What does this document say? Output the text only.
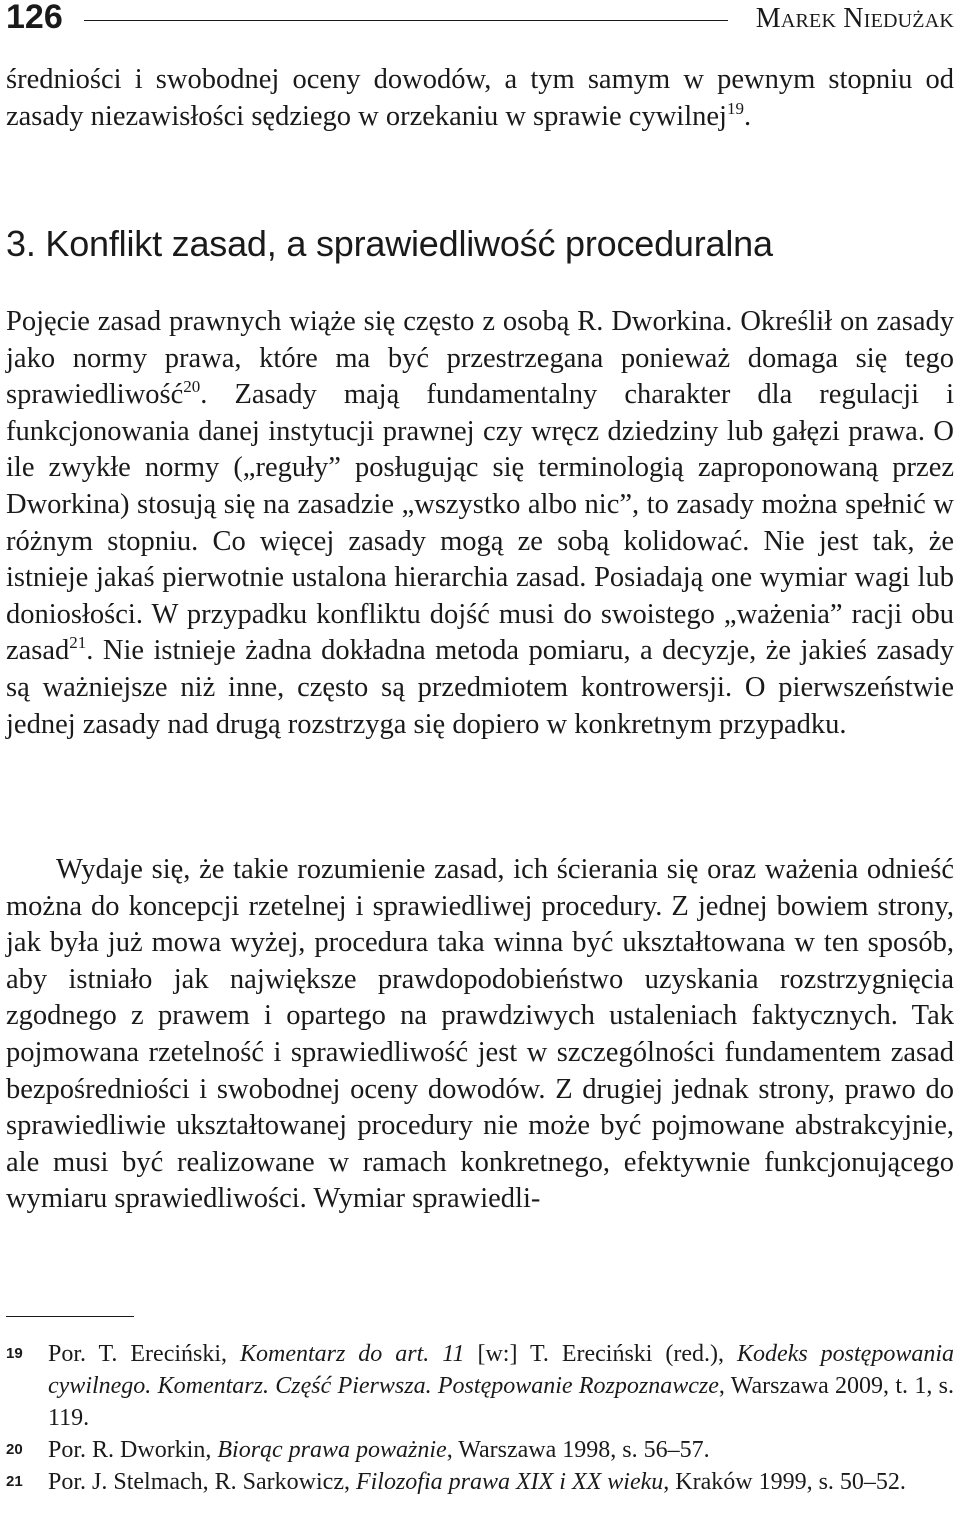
126	Marek Niedużak

średniości i swobodnej oceny dowodów, a tym samym w pewnym stopniu od zasady niezawisłości sędziego w orzekaniu w sprawie cywilnej$^{19}$.

3. Konflikt zasad, a sprawiedliwość proceduralna

Pojęcie zasad prawnych wiąże się często z osobą R. Dworkina. Określił on zasady jako normy prawa, które ma być przestrzegana ponieważ domaga się tego sprawiedliwość$^{20}$. Zasady mają fundamentalny charakter dla regulacji i funkcjonowania danej instytucji prawnej czy wręcz dziedziny lub gałęzi prawa. O ile zwykłe normy („reguły” posługując się terminologią zaproponowaną przez Dworkina) stosują się na zasadzie „wszystko albo nic”, to zasady można spełnić w różnym stopniu. Co więcej zasady mogą ze sobą kolidować. Nie jest tak, że istnieje jakaś pierwotnie ustalona hierarchia zasad. Posiadają one wymiar wagi lub doniosłości. W przypadku konfliktu dojść musi do swoistego „ważenia” racji obu zasad$^{21}$. Nie istnieje żadna dokładna metoda pomiaru, a decyzje, że jakieś zasady są ważniejsze niż inne, często są przedmiotem kontrowersji. O pierwszeństwie jednej zasady nad drugą rozstrzyga się dopiero w konkretnym przypadku.

Wydaje się, że takie rozumienie zasad, ich ścierania się oraz ważenia odnieść można do koncepcji rzetelnej i sprawiedliwej procedury. Z jednej bowiem strony, jak była już mowa wyżej, procedura taka winna być ukształtowana w ten sposób, aby istniało jak największe prawdopodobieństwo uzyskania rozstrzygnięcia zgodnego z prawem i opartego na prawdziwych ustaleniach faktycznych. Tak pojmowana rzetelność i sprawiedliwość jest w szczególności fundamentem zasad bezpośredniości i swobodnej oceny dowodów. Z drugiej jednak strony, prawo do sprawiedliwie ukształtowanej procedury nie może być pojmowane abstrakcyjnie, ale musi być realizowane w ramach konkretnego, efektywnie funkcjonującego wymiaru sprawiedliwości. Wymiar sprawiedli-

19 Por. T. Ereciński, Komentarz do art. 11 [w:] T. Ereciński (red.), Kodeks postępowania cywilnego. Komentarz. Część Pierwsza. Postępowanie Rozpoznawcze, Warszawa 2009, t. 1, s. 119.
20 Por. R. Dworkin, Biorąc prawa poważnie, Warszawa 1998, s. 56–57.
21 Por. J. Stelmach, R. Sarkowicz, Filozofia prawa XIX i XX wieku, Kraków 1999, s. 50–52.
